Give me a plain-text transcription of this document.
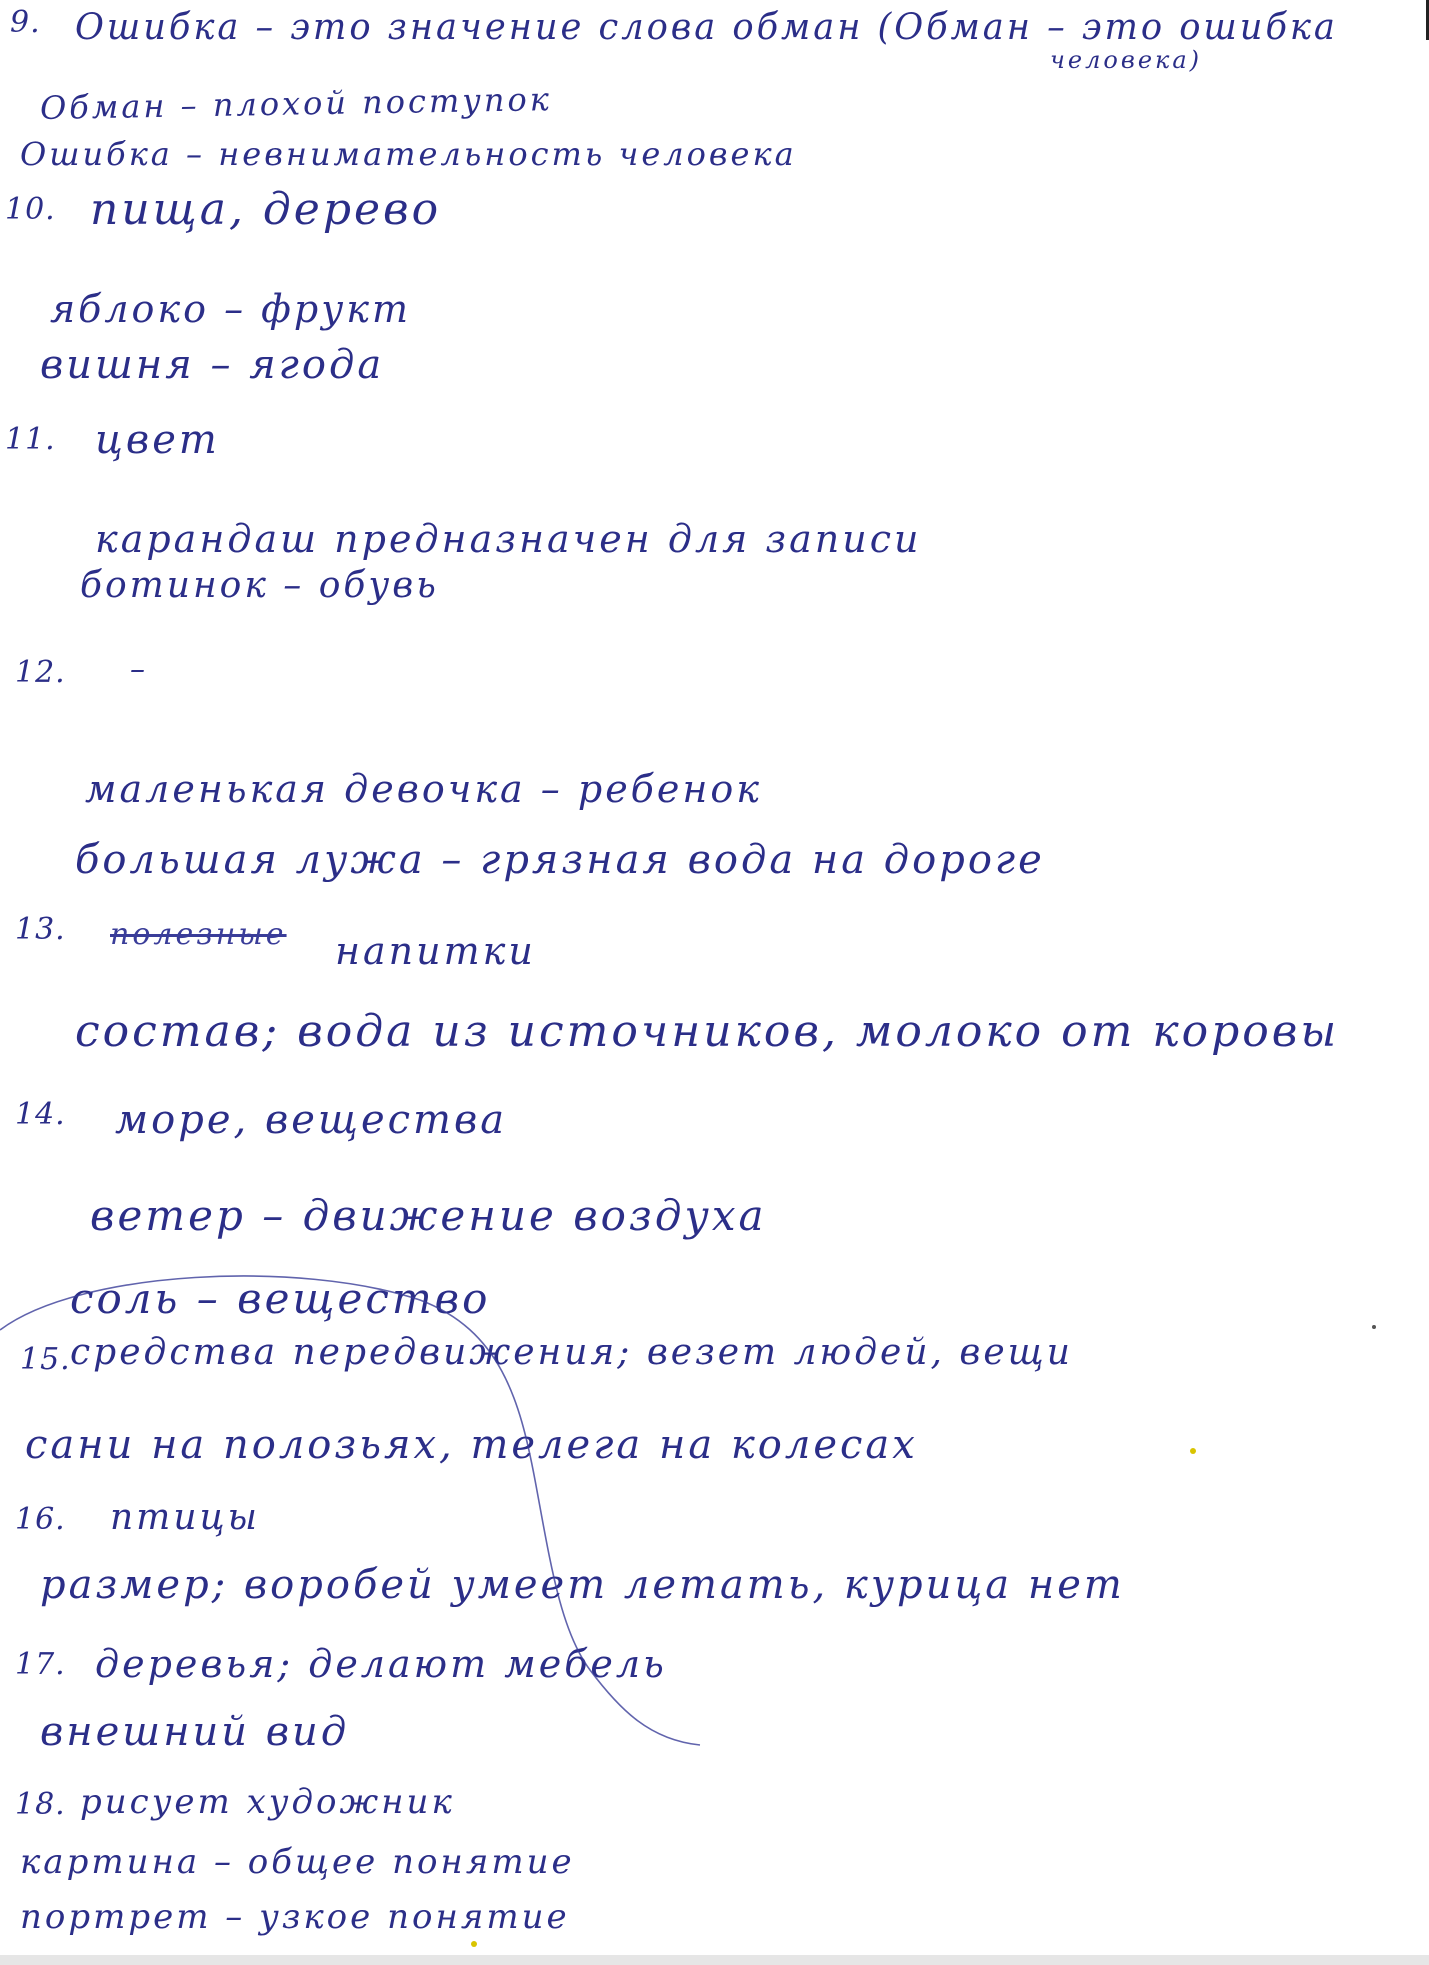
9. Ошибка – это значение слова обман (Обман – это ошибка
человека)
Обман – плохой поступок
Ошибка – невнимательность человека
10. пища, дерево
яблоко – фрукт
вишня – ягода
11. цвет
карандаш предназначен для записи
ботинок – обувь
12. –
маленькая девочка – ребенок
большая лужа – грязная вода на дороге
13. полезные напитки
состав; вода из источников, молоко от коровы
14. море, вещества
ветер – движение воздуха
соль – вещество
15. средства передвижения; везет людей, вещи
сани на полозьях, телега на колесах
16. птицы
размер; воробей умеет летать, курица нет
17. деревья; делают мебель
внешний вид
18. рисует художник
картина – общее понятие
портрет – узкое понятие
